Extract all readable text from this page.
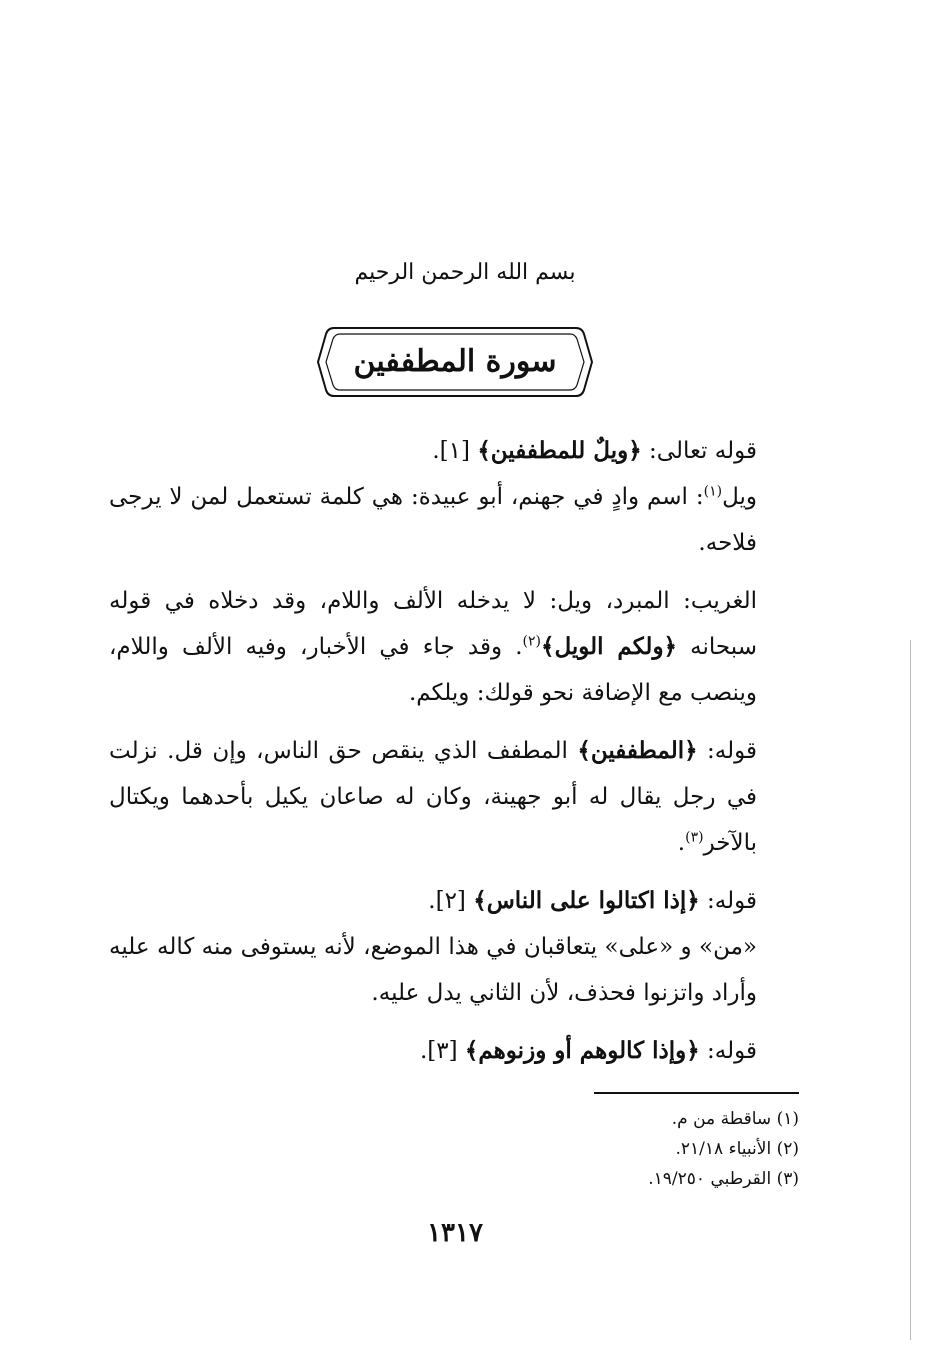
بسم الله الرحمن الرحيم
سورة المطففين

قوله تعالى: ﴿ويلٌ للمطففين﴾ [١].

ويل$^{(١)}$: اسم وادٍ في جهنم، أبو عبيدة: هي كلمة تستعمل لمن لا يرجى فلاحه.

الغريب: المبرد، ويل: لا يدخله الألف واللام، وقد دخلاه في قوله سبحانه ﴿ولكم الويل﴾$^{(٢)}$. وقد جاء في الأخبار، وفيه الألف واللام، وينصب مع الإضافة نحو قولك: ويلكم.

قوله: ﴿المطففين﴾ المطفف الذي ينقص حق الناس، وإن قل. نزلت في رجل يقال له أبو جهينة، وكان له صاعان يكيل بأحدهما ويكتال بالآخر$^{(٣)}$.

قوله: ﴿إذا اكتالوا على الناس﴾ [٢].

«من» و «على» يتعاقبان في هذا الموضع، لأنه يستوفى منه كاله عليه وأراد واتزنوا فحذف، لأن الثاني يدل عليه.

قوله: ﴿وإذا كالوهم أو وزنوهم﴾ [٣].

(١) ساقطة من م.

(٢) الأنبياء ٢١/١٨.

(٣) القرطبي ١٩/٢٥٠.

١٣١٧
